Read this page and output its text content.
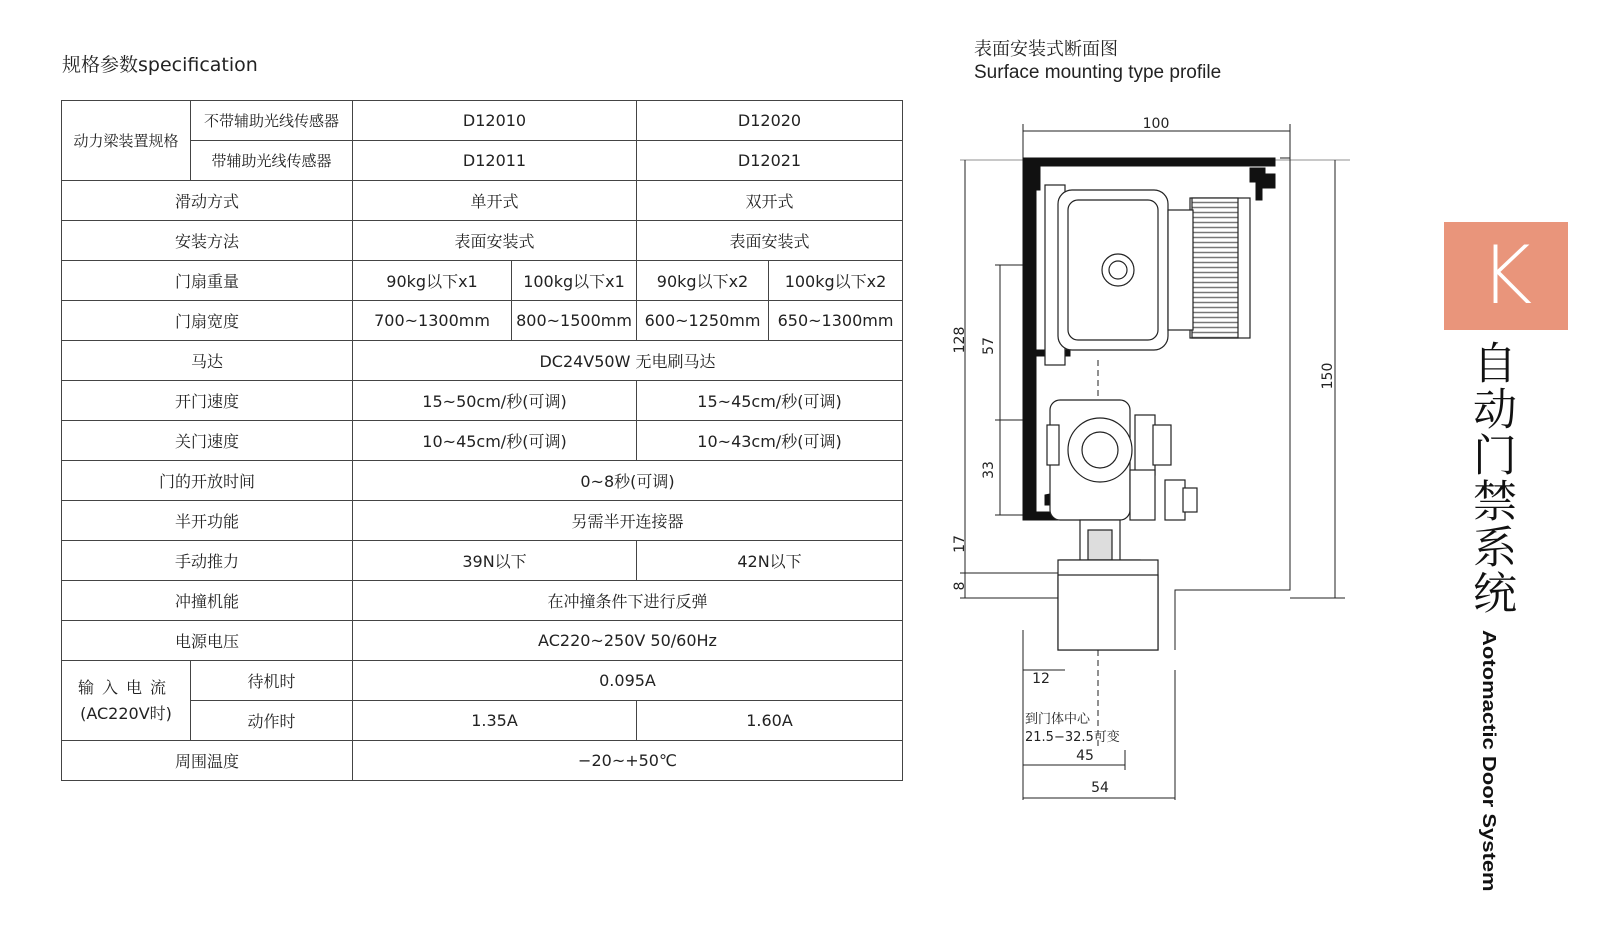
规格参数specification
动力梁装置规格	不带辅助光线传感器	D12010		D12020	
	带辅助光线传感器	D12011		D12021	
滑动方式		单开式		双开式	
安装方法		表面安装式		表面安装式	
门扇重量		90kg以下x1	100kg以下x1	90kg以下x2	100kg以下x2
门扇宽度		700~1300mm	800~1500mm	600~1250mm	650~1300mm
马达		DC24V50W 无电刷马达			
开门速度		15~50cm/秒(可调)		15~45cm/秒(可调)	
关门速度		10~45cm/秒(可调)		10~43cm/秒(可调)	
门的开放时间		0~8秒(可调)			
半开功能		另需半开连接器			
手动推力		39N以下		42N以下	
冲撞机能		在冲撞条件下进行反弹			
电源电压		AC220~250V 50/60Hz			

输入电流
(AC220V时)	待机时	0.095A			
	动作时	1.35A		1.60A	
周围温度		−20~+50℃			
表面安装式断面图
Surface mounting type profile
100
128 57
150
33
17
8
12
45
54
到门体中心
21.5−32.5可变
K
自动门禁系统
Aotomactic Door System
